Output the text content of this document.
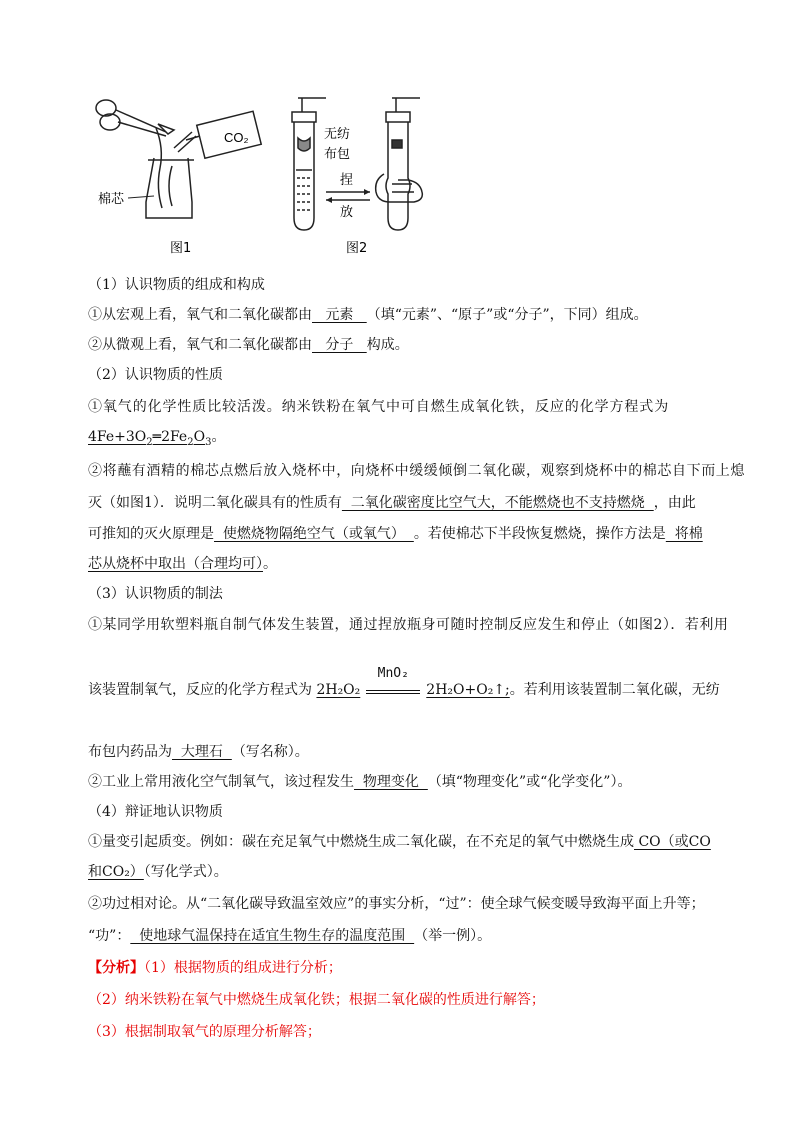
CO₂
棉芯
图1
无纺
布包
捏
放
图2
（1）认识物质的组成和构成
①从宏观上看，氧气和二氧化碳都由   元素   （填“元素”、“原子”或“分子”，下同）组成。
②从微观上看，氧气和二氧化碳都由   分子   构成。
（2）认识物质的性质
①氧气的化学性质比较活泼。纳米铁粉在氧气中可自燃生成氧化铁，反应的化学方程式为
$4Fe+3O_2═2Fe_2O_3$。
②将蘸有酒精的棉芯点燃后放入烧杯中，向烧杯中缓缓倾倒二氧化碳，观察到烧杯中的棉芯自下而上熄
灭（如图1）．说明二氧化碳具有的性质有  二氧化碳密度比空气大，不能燃烧也不支持燃烧  ，由此
可推知的灭火原理是  使燃烧物隔绝空气（或氧气）  。若使棉芯下半段恢复燃烧，操作方法是  将棉
芯从烧杯中取出（合理均可）。
（3）认识物质的制法
①某同学用软塑料瓶自制气体发生装置，通过捏放瓶身可随时控制反应发生和停止（如图2）．若利用
该装置制氧气，反应的化学方程式为 2H₂O₂
MnO₂
2H₂O+O₂↑;。若利用该装置制二氧化碳，无纺
布包内药品为  大理石  （写名称）。
②工业上常用液化空气制氧气，该过程发生  物理变化  （填“物理变化”或“化学变化”）。
（4）辩证地认识物质
①量变引起质变。例如：碳在充足氧气中燃烧生成二氧化碳，在不充足的氧气中燃烧生成 CO（或CO
和CO₂）（写化学式）。
②功过相对论。从“二氧化碳导致温室效应”的事实分析，“过”：使全球气候变暖导致海平面上升等；
“功”：  使地球气温保持在适宜生物生存的温度范围  （举一例）。
【分析】（1）根据物质的组成进行分析；
（2）纳米铁粉在氧气中燃烧生成氧化铁；根据二氧化碳的性质进行解答；
（3）根据制取氧气的原理分析解答；
